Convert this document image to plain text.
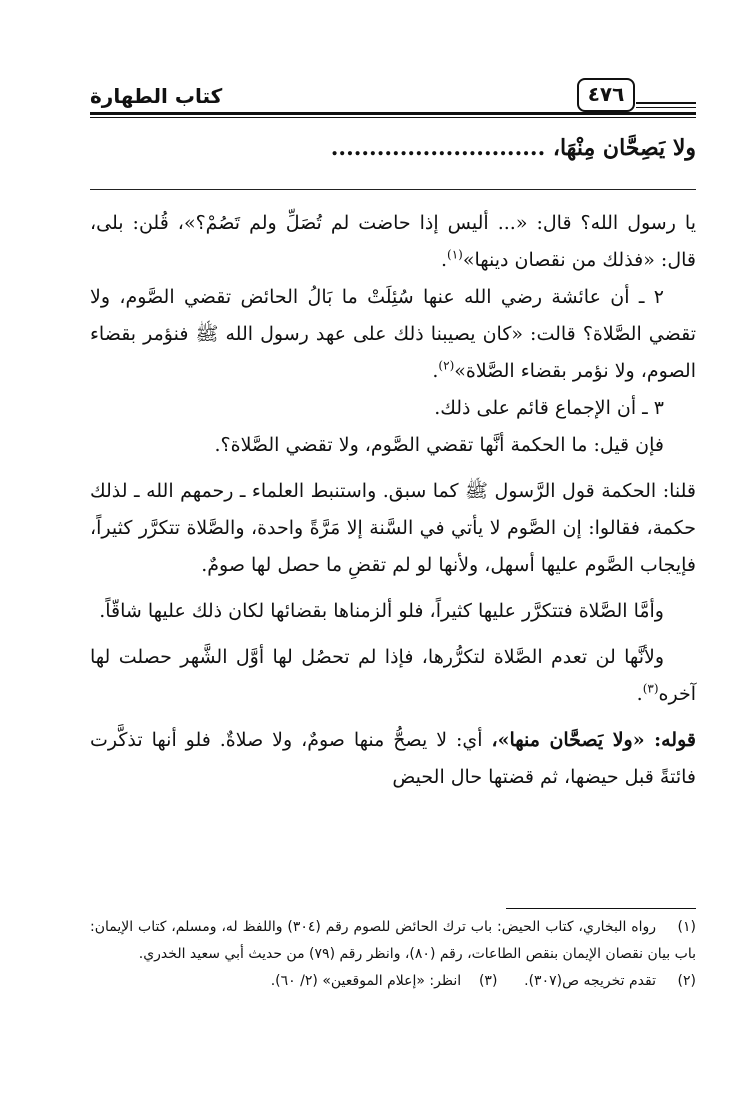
كتاب الطهارة	٤٧٦
ولا يَصِحَّان مِنْهَا، ............................

يا رسول الله؟ قال: «... أليس إذا حاضت لم تُصَلِّ ولم تَصُمْ؟»، قُلن: بلى، قال: «فذلك من نقصان دينها»$^{(١)}$.

٢ ـ أن عائشة رضي الله عنها سُئِلَتْ ما بَالُ الحائض تقضي الصَّوم، ولا تقضي الصَّلاة؟ قالت: «كان يصيبنا ذلك على عهد رسول الله ﷺ فنؤمر بقضاء الصوم، ولا نؤمر بقضاء الصَّلاة»$^{(٢)}$.

٣ ـ أن الإجماع قائم على ذلك.

فإن قيل: ما الحكمة أنَّها تقضي الصَّوم، ولا تقضي الصَّلاة؟.

قلنا: الحكمة قول الرَّسول ﷺ كما سبق. واستنبط العلماء ـ رحمهم الله ـ لذلك حكمة، فقالوا: إن الصَّوم لا يأتي في السَّنة إلا مَرَّةً واحدة، والصَّلاة تتكرَّر كثيراً، فإيجاب الصَّوم عليها أسهل، ولأنها لو لم تقضِ ما حصل لها صومٌ.

وأمَّا الصَّلاة فتتكرَّر عليها كثيراً، فلو ألزمناها بقضائها لكان ذلك عليها شاقّاً.

ولأنَّها لن تعدم الصَّلاة لتكرُّرها، فإذا لم تحصُل لها أوَّل الشَّهر حصلت لها آخره$^{(٣)}$.

قوله: «ولا يَصحَّان منها»، أي: لا يصحُّ منها صومٌ، ولا صلاةٌ. فلو أنها تذكَّرت فائتةً قبل حيضها، ثم قضتها حال الحيض

(١)رواه البخاري، كتاب الحيض: باب ترك الحائض للصوم رقم (٣٠٤) واللفظ له، ومسلم، كتاب الإيمان: باب بيان نقصان الإيمان بنقص الطاعات، رقم (٨٠)، وانظر رقم (٧٩) من حديث أبي سعيد الخدري.

(٢)تقدم تخريجه ص(٣٠٧).      (٣)    انظر: «إعلام الموقعين» (٢/ ٦٠).
